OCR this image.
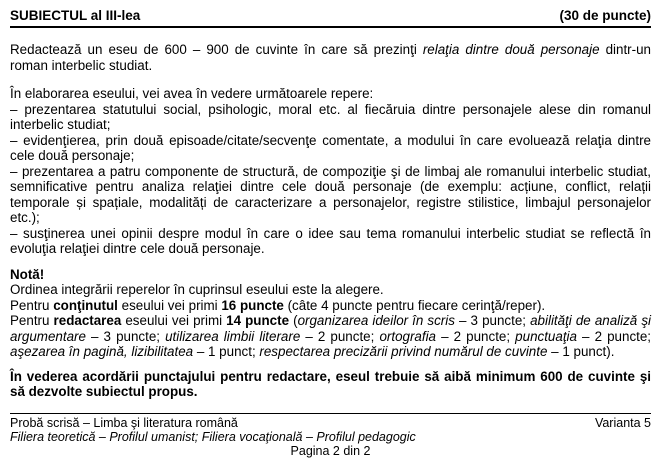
SUBIECTUL al III-lea	(30 de puncte)

Redactează un eseu de 600 – 900 de cuvinte în care să prezinţi relaţia dintre două personaje dintr-un roman interbelic studiat.

În elaborarea eseului, vei avea în vedere următoarele repere:
– prezentarea statutului social, psihologic, moral etc. al fiecăruia dintre personajele alese din romanul interbelic studiat;
– evidenţierea, prin două episoade/citate/secvenţe comentate, a modului în care evoluează relaţia dintre cele două personaje;
– prezentarea a patru componente de structură, de compoziţie şi de limbaj ale romanului interbelic studiat, semnificative pentru analiza relaţiei dintre cele două personaje (de exemplu: acțiune, conflict, relații temporale și spațiale, modalități de caracterizare a personajelor, registre stilistice, limbajul personajelor etc.);
– susţinerea unei opinii despre modul în care o idee sau tema romanului interbelic studiat se reflectă în evoluţia relaţiei dintre cele două personaje.
Notă!
Ordinea integrării reperelor în cuprinsul eseului este la alegere.
Pentru conţinutul eseului vei primi 16 puncte (câte 4 puncte pentru fiecare cerinţă/reper).
Pentru redactarea eseului vei primi 14 puncte (organizarea ideilor în scris – 3 puncte; abilităţi de analiză şi argumentare – 3 puncte; utilizarea limbii literare – 2 puncte; ortografia – 2 puncte; punctuaţia – 2 puncte; aşezarea în pagină, lizibilitatea – 1 punct; respectarea precizării privind numărul de cuvinte – 1 punct).
În vederea acordării punctajului pentru redactare, eseul trebuie să aibă minimum 600 de cuvinte şi să dezvolte subiectul propus.
Probă scrisă – Limba şi literatura română	Varianta 5
Filiera teoretică – Profilul umanist; Filiera vocaţională – Profilul pedagogic
Pagina 2 din 2
